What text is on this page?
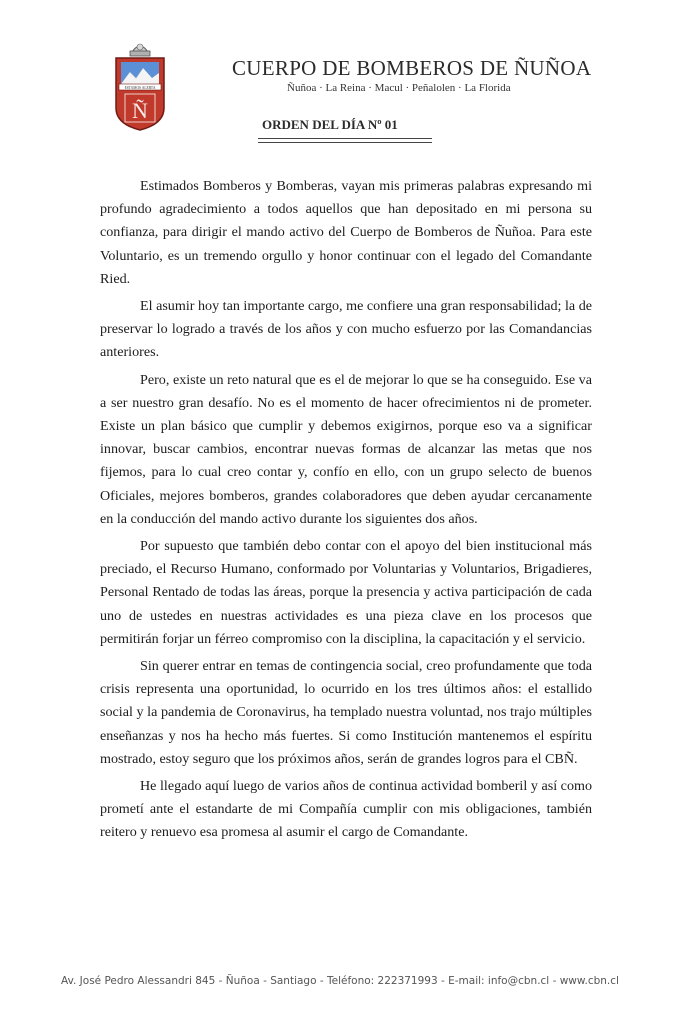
ESTAMOS ALERTA
Ñ
CUERPO DE BOMBEROS DE ÑUÑOA
Ñuñoa · La Reina · Macul · Peñalolen · La Florida
ORDEN DEL DÍA Nº 01

Estimados Bomberos y Bomberas, vayan mis primeras palabras expresando mi profundo agradecimiento a todos aquellos que han depositado en mi persona su confianza, para dirigir el mando activo del Cuerpo de Bomberos de Ñuñoa. Para este Voluntario, es un tremendo orgullo y honor continuar con el legado del Comandante Ried.

El asumir hoy tan importante cargo, me confiere una gran responsabilidad; la de preservar lo logrado a través de los años y con mucho esfuerzo por las Comandancias anteriores.

Pero, existe un reto natural que es el de mejorar lo que se ha conseguido. Ese va a ser nuestro gran desafío. No es el momento de hacer ofrecimientos ni de prometer. Existe un plan básico que cumplir y debemos exigirnos, porque eso va a significar innovar, buscar cambios, encontrar nuevas formas de alcanzar las metas que nos fijemos, para lo cual creo contar y, confío en ello, con un grupo selecto de buenos Oficiales, mejores bomberos, grandes colaboradores que deben ayudar cercanamente en la conducción del mando activo durante los siguientes dos años.

Por supuesto que también debo contar con el apoyo del bien institucional más preciado, el Recurso Humano, conformado por Voluntarias y Voluntarios, Brigadieres, Personal Rentado de todas las áreas, porque la presencia y activa participación de cada uno de ustedes en nuestras actividades es una pieza clave en los procesos que permitirán forjar un férreo compromiso con la disciplina, la capacitación y el servicio.

Sin querer entrar en temas de contingencia social, creo profundamente que toda crisis representa una oportunidad, lo ocurrido en los tres últimos años: el estallido social y la pandemia de Coronavirus, ha templado nuestra voluntad, nos trajo múltiples enseñanzas y nos ha hecho más fuertes. Si como Institución mantenemos el espíritu mostrado, estoy seguro que los próximos años, serán de grandes logros para el CBÑ.

He llegado aquí luego de varios años de continua actividad bomberil y así como prometí ante el estandarte de mi Compañía cumplir con mis obligaciones, también reitero y renuevo esa promesa al asumir el cargo de Comandante.

Av. José Pedro Alessandri 845 - Ñuñoa - Santiago - Teléfono: 222371993 - E-mail: info@cbn.cl - www.cbn.cl
